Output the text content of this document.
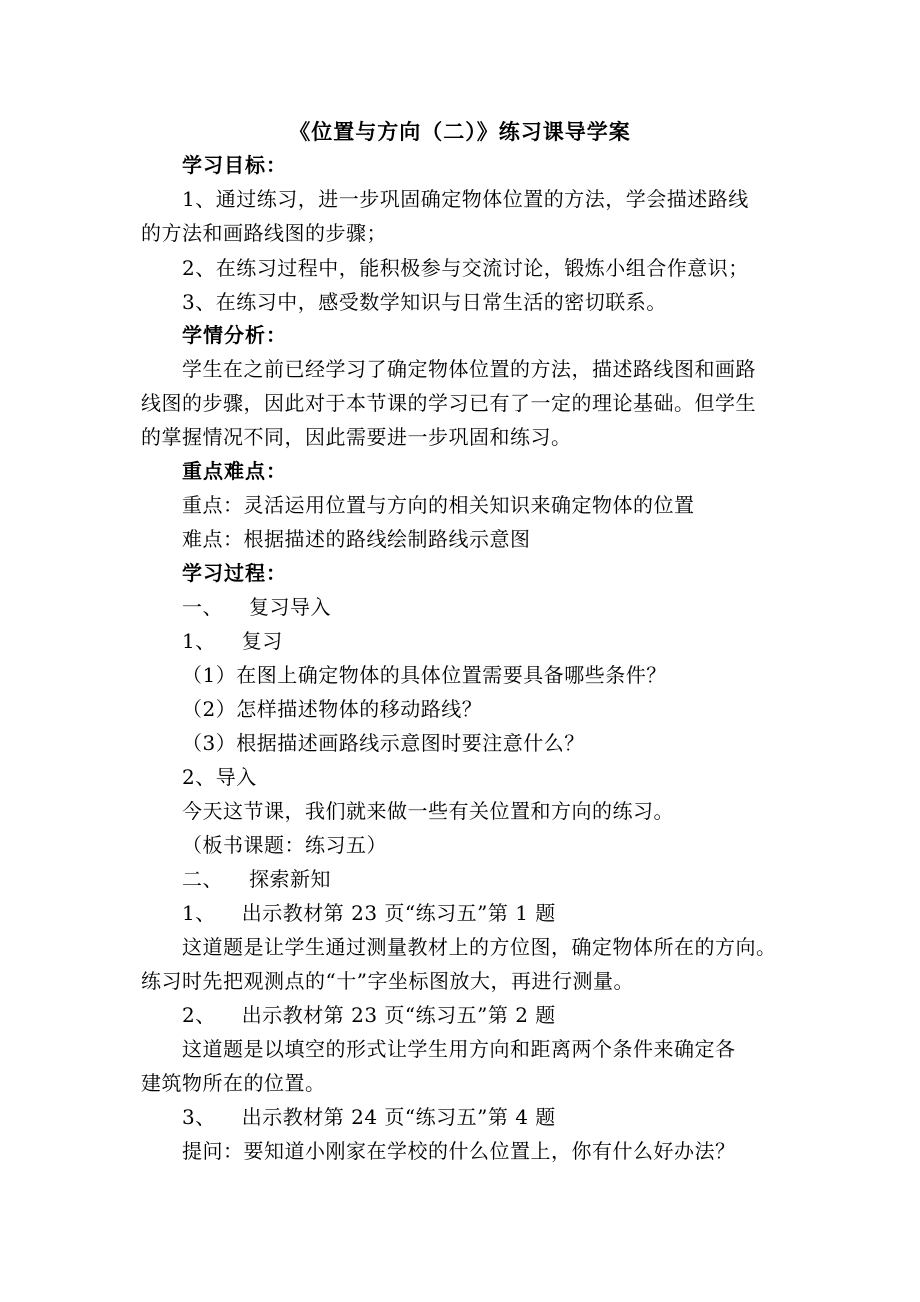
《位置与方向（二）》练习课导学案
学习目标：
1、通过练习，进一步巩固确定物体位置的方法，学会描述路线
的方法和画路线图的步骤；
2、在练习过程中，能积极参与交流讨论，锻炼小组合作意识；
3、在练习中，感受数学知识与日常生活的密切联系。
学情分析：
学生在之前已经学习了确定物体位置的方法，描述路线图和画路
线图的步骤，因此对于本节课的学习已有了一定的理论基础。但学生
的掌握情况不同，因此需要进一步巩固和练习。
重点难点：
重点：灵活运用位置与方向的相关知识来确定物体的位置
难点：根据描述的路线绘制路线示意图
学习过程：
一、 复习导入
1、 复习
（1）在图上确定物体的具体位置需要具备哪些条件？
（2）怎样描述物体的移动路线？
（3）根据描述画路线示意图时要注意什么？
2、导入
今天这节课，我们就来做一些有关位置和方向的练习。
（板书课题：练习五）
二、 探索新知
1、 出示教材第 23 页“练习五”第 1 题
这道题是让学生通过测量教材上的方位图，确定物体所在的方向。
练习时先把观测点的“十”字坐标图放大，再进行测量。
2、 出示教材第 23 页“练习五”第 2 题
这道题是以填空的形式让学生用方向和距离两个条件来确定各
建筑物所在的位置。
3、 出示教材第 24 页“练习五”第 4 题
提问：要知道小刚家在学校的什么位置上，你有什么好办法？
